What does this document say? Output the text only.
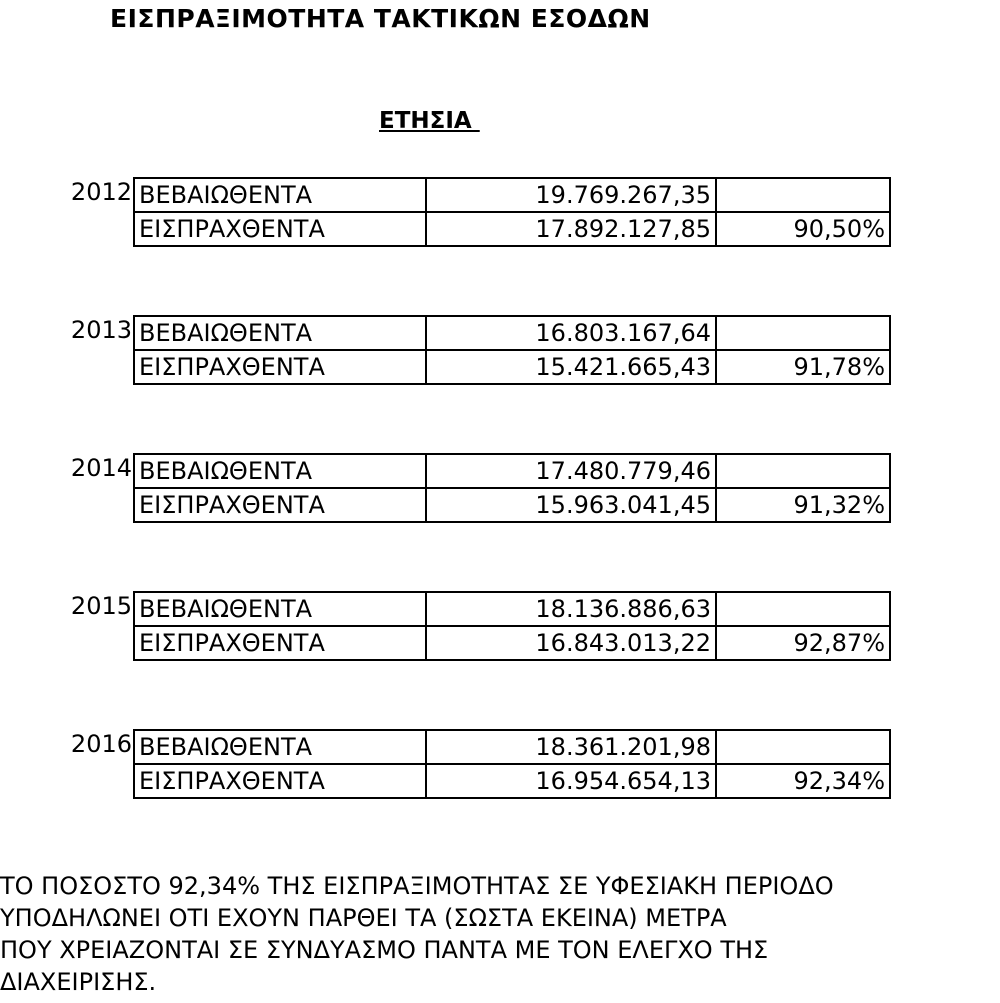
ΕΙΣΠΡΑΞΙΜΟΤΗΤΑ ΤΑΚΤΙΚΩΝ ΕΣΟΔΩΝ
ΕΤΗΣΙΑ
2012 ΒΕΒΑΙΩΘΕΝΤΑ	19.769.267,35	
ΕΙΣΠΡΑΧΘΕΝΤΑ	17.892.127,85	90,50%
2013 ΒΕΒΑΙΩΘΕΝΤΑ	16.803.167,64	
ΕΙΣΠΡΑΧΘΕΝΤΑ	15.421.665,43	91,78%
2014 ΒΕΒΑΙΩΘΕΝΤΑ	17.480.779,46	
ΕΙΣΠΡΑΧΘΕΝΤΑ	15.963.041,45	91,32%
2015 ΒΕΒΑΙΩΘΕΝΤΑ	18.136.886,63	
ΕΙΣΠΡΑΧΘΕΝΤΑ	16.843.013,22	92,87%
2016 ΒΕΒΑΙΩΘΕΝΤΑ	18.361.201,98	
ΕΙΣΠΡΑΧΘΕΝΤΑ	16.954.654,13	92,34%
ΤΟ ΠΟΣΟΣΤΟ 92,34% ΤΗΣ ΕΙΣΠΡΑΞΙΜΟΤΗΤΑΣ ΣΕ ΥΦΕΣΙΑΚΗ ΠΕΡΙΟΔΟ
ΥΠΟΔΗΛΩΝΕΙ ΟΤΙ ΕΧΟΥΝ ΠΑΡΘΕΙ ΤΑ (ΣΩΣΤΑ ΕΚΕΙΝΑ) ΜΕΤΡΑ
ΠΟΥ ΧΡΕΙΑΖΟΝΤΑΙ ΣΕ ΣΥΝΔΥΑΣΜΟ ΠΑΝΤΑ ΜΕ ΤΟΝ ΕΛΕΓΧΟ ΤΗΣ
ΔΙΑΧΕΙΡΙΣΗΣ.
